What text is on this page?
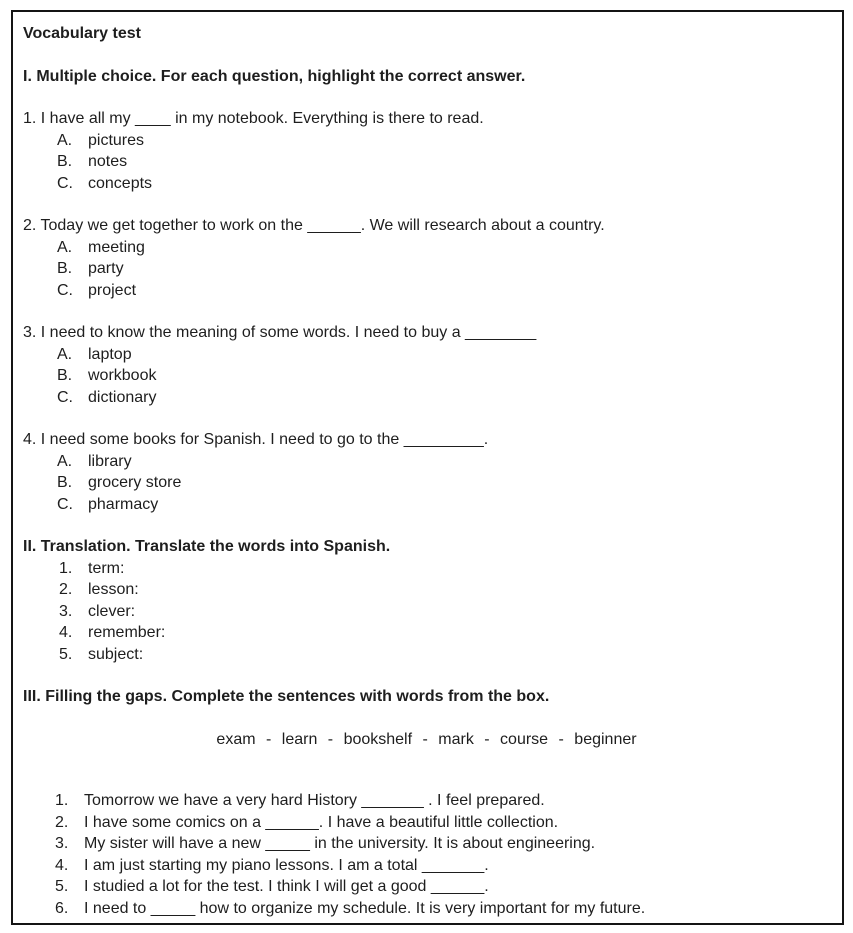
Vocabulary test
I. Multiple choice. For each question, highlight the correct answer.
1. I have all my ____ in my notebook. Everything is there to read.
A. pictures
B. notes
C. concepts
2. Today we get together to work on the ______. We will research about a country.
A. meeting
B. party
C. project
3. I need to know the meaning of some words. I need to buy a ________
A. laptop
B. workbook
C. dictionary
4. I need some books for Spanish. I need to go to the _________.
A. library
B. grocery store
C. pharmacy
II. Translation. Translate the words into Spanish.
1. term:
2. lesson:
3. clever:
4. remember:
5. subject:
III. Filling the gaps. Complete the sentences with words from the box.
exam - learn - bookshelf - mark - course - beginner
1. Tomorrow we have a very hard History _______ . I feel prepared.
2. I have some comics on a ______. I have a beautiful little collection.
3. My sister will have a new _____ in the university. It is about engineering.
4. I am just starting my piano lessons. I am a total _______.
5. I studied a lot for the test. I think I will get a good ______.
6. I need to _____ how to organize my schedule. It is very important for my future.
